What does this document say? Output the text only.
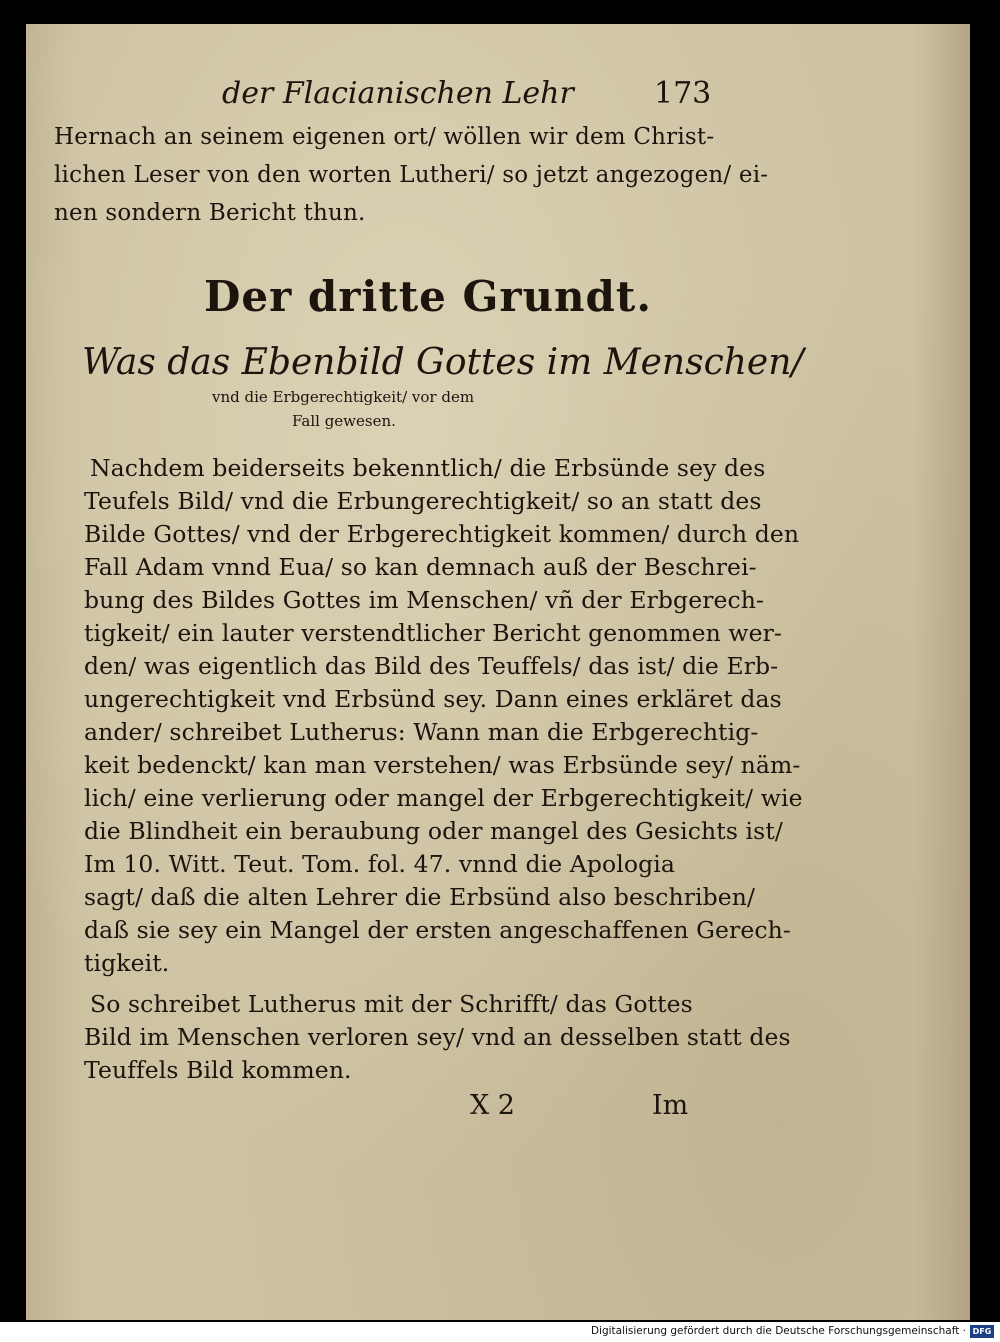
der Flacianischen Lehr	173
Hernach an seinem eigenen ort/ wöllen wir dem Christ-
lichen Leser von den worten Lutheri/ so jetzt angezogen/ ei-
nen sondern Bericht thun.
Der dritte Grundt.
Was das Ebenbild Gottes im Menschen/
vnd die Erbgerechtigkeit/ vor dem
Fall gewesen.
Nachdem beiderseits bekenntlich/ die Erbsünde sey des
Teufels Bild/ vnd die Erbungerechtigkeit/ so an statt des
Bilde Gottes/ vnd der Erbgerechtigkeit kommen/ durch den
Fall Adam vnnd Eua/ so kan demnach auß der Beschrei-
bung des Bildes Gottes im Menschen/ vñ der Erbgerech-
tigkeit/ ein lauter verstendtlicher Bericht genommen wer-
den/ was eigentlich das Bild des Teuffels/ das ist/ die Erb-
ungerechtigkeit vnd Erbsünd sey. Dann eines erkläret das
ander/ schreibet Lutherus: Wann man die Erbgerechtig-
keit bedenckt/ kan man verstehen/ was Erbsünde sey/ näm-
lich/ eine verlierung oder mangel der Erbgerechtigkeit/ wie
die Blindheit ein beraubung oder mangel des Gesichts ist/
Im 10. Witt. Teut. Tom. fol. 47. vnnd die Apologia
sagt/ daß die alten Lehrer die Erbsünd also beschriben/
daß sie sey ein Mangel der ersten angeschaffenen Gerech-
tigkeit.
So schreibet Lutherus mit der Schrifft/ das Gottes
Bild im Menschen verloren sey/ vnd an desselben statt des
Teuffels Bild kommen.
X 2	Im
Digitalisierung gefördert durch die Deutsche Forschungsgemeinschaft · DFG
